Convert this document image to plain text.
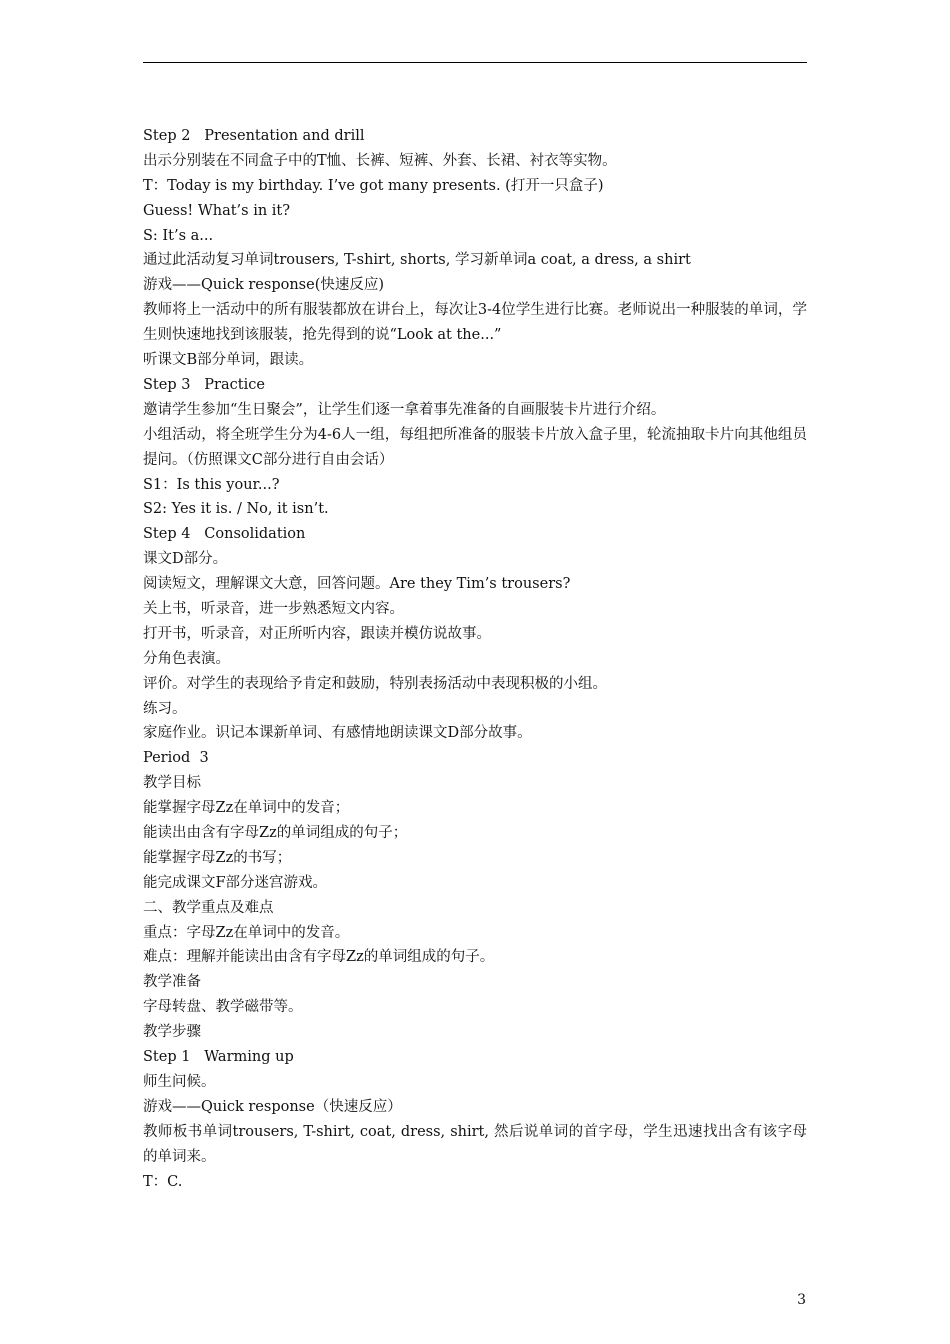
Step 2   Presentation and drill
出示分别装在不同盒子中的T恤、长裤、短裤、外套、长裙、衬衣等实物。
T：Today is my birthday. I’ve got many presents. (打开一只盒子)
Guess! What’s in it?
S: It’s a...
通过此活动复习单词trousers, T-shirt, shorts, 学习新单词a coat, a dress, a shirt
游戏——Quick response(快速反应)
教师将上一活动中的所有服装都放在讲台上，每次让3-4位学生进行比赛。老师说出一种服装的单词，学生则快速地找到该服装，抢先得到的说“Look at the...”
听课文B部分单词，跟读。
Step 3   Practice
邀请学生参加“生日聚会”，让学生们逐一拿着事先准备的自画服装卡片进行介绍。
小组活动，将全班学生分为4-6人一组，每组把所准备的服装卡片放入盒子里，轮流抽取卡片向其他组员提问。（仿照课文C部分进行自由会话）
S1：Is this your...?
S2: Yes it is. / No, it isn’t.
Step 4   Consolidation
课文D部分。
阅读短文，理解课文大意，回答问题。Are they Tim’s trousers?
关上书，听录音，进一步熟悉短文内容。
打开书，听录音，对正所听内容，跟读并模仿说故事。
分角色表演。
评价。对学生的表现给予肯定和鼓励，特别表扬活动中表现积极的小组。
练习。
家庭作业。识记本课新单词、有感情地朗读课文D部分故事。
Period  3
教学目标
能掌握字母Zz在单词中的发音；
能读出由含有字母Zz的单词组成的句子；
能掌握字母Zz的书写；
能完成课文F部分迷宫游戏。
二、教学重点及难点
重点：字母Zz在单词中的发音。
难点：理解并能读出由含有字母Zz的单词组成的句子。
教学准备
字母转盘、教学磁带等。
教学步骤
Step 1   Warming up
师生问候。
游戏——Quick response（快速反应）
教师板书单词trousers, T-shirt, coat, dress, shirt, 然后说单词的首字母，学生迅速找出含有该字母的单词来。
T：C.
3
